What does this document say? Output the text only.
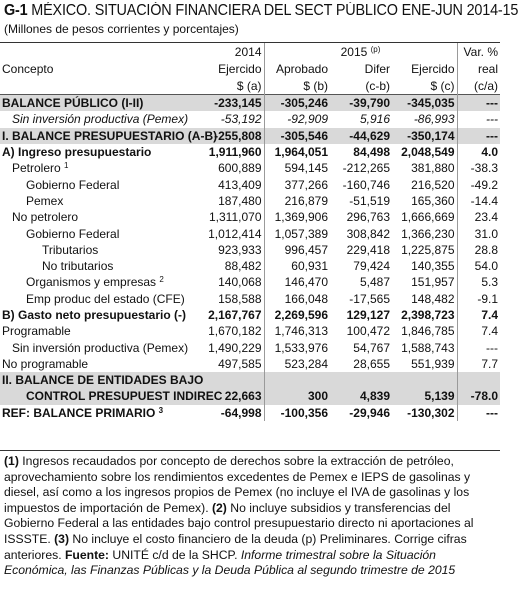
G-1 MÉXICO. SITUACIÓN FINANCIERA DEL SECT PÚBLICO ENE-JUN 2014-15
(Millones de pesos corrientes y porcentajes)
	2014	2015 $^{(p)}$			Var. %
Concepto	Ejercido	Aprobado	Difer	Ejercido	real
	$ (a)	$ (b)	(c-b)	$ (c)	(c/a)
BALANCE PÚBLICO (I-II)	-233,145	-305,246	-39,790	-345,035	---
Sin inversión productiva (Pemex)	-53,192	-92,909	5,916	-86,993	---
I. BALANCE PRESUPUESTARIO (A-B)	-255,808	-305,546	-44,629	-350,174	---
A) Ingreso presupuestario	1,911,960	1,964,051	84,498	2,048,549	4.0
Petrolero $^1$	600,889	594,145	-212,265	381,880	-38.3
Gobierno Federal	413,409	377,266	-160,746	216,520	-49.2
Pemex	187,480	216,879	-51,519	165,360	-14.4
No petrolero	1,311,070	1,369,906	296,763	1,666,669	23.4
Gobierno Federal	1,012,414	1,057,389	308,842	1,366,230	31.0
Tributarios	923,933	996,457	229,418	1,225,875	28.8
No tributarios	88,482	60,931	79,424	140,355	54.0
Organismos y empresas $^2$	140,068	146,470	5,487	151,957	5.3
Emp produc del estado (CFE)	158,588	166,048	-17,565	148,482	-9.1
B) Gasto neto presupuestario (-)	2,167,767	2,269,596	129,127	2,398,723	7.4
Programable	1,670,182	1,746,313	100,472	1,846,785	7.4
Sin inversión productiva (Pemex)	1,490,229	1,533,976	54,767	1,588,743	---
No programable	497,585	523,284	28,655	551,939	7.7
II. BALANCE DE ENTIDADES BAJO					
CONTROL PRESUPUEST INDIREC	22,663	300	4,839	5,139	-78.0
REF: BALANCE PRIMARIO $^3$	-64,998	-100,356	-29,946	-130,302	---

(1) Ingresos recaudados por concepto de derechos sobre la extracción de petróleo, aprovechamiento sobre los rendimientos excedentes de Pemex e IEPS de gasolinas y diesel, así como a los ingresos propios de Pemex (no incluye el IVA de gasolinas y los impuestos de importación de Pemex). (2) No incluye subsidios y transferencias del Gobierno Federal a las entidades bajo control presupuestario directo ni aportaciones al ISSSTE. (3) No incluye el costo financiero de la deuda (p) Preliminares. Corrige cifras anteriores. Fuente: UNITÉ c/d de la SHCP. Informe trimestral sobre la Situación Económica, las Finanzas Públicas y la Deuda Pública al segundo trimestre de 2015
